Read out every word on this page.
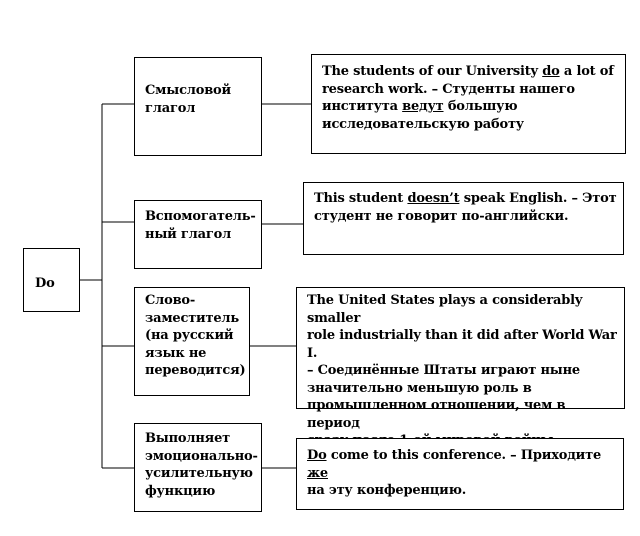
Do
Смысловой
глагол
Вспомогатель-
ный глагол
Слово-
заместитель
(на русский
язык не
переводится)
Выполняет
эмоционально-
усилительную
функцию
The students of our University do a lot of
research work. – Студенты нашего
института ведут большую
исследовательскую работу
This student doesn’t speak English. – Этот
студент не говорит по-английски.
The United States plays a considerably smaller
role industrially than it did after World War I.
– Соединённые Штаты играют ныне
значительно меньшую роль в
промышленном отношении, чем в период
Do come to this conference. – Приходите же
на эту конференцию.
